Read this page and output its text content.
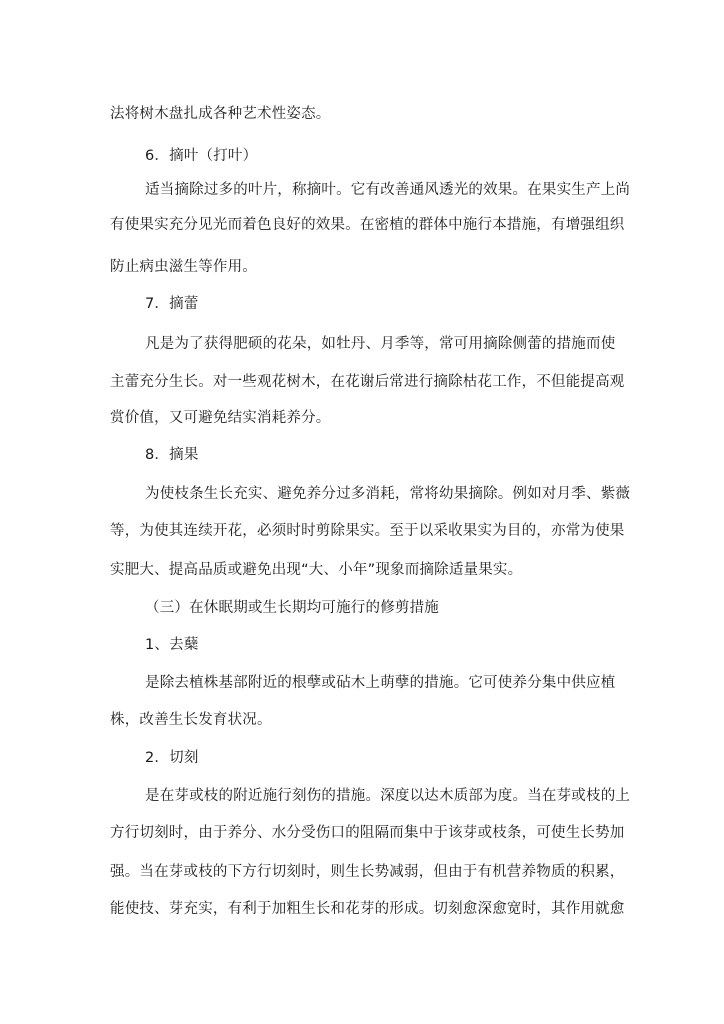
法将树木盘扎成各种艺术性姿态。
6．摘叶（打叶）
适当摘除过多的叶片，称摘叶。它有改善通风透光的效果。在果实生产上尚
有使果实充分见光而着色良好的效果。在密植的群体中施行本措施，有增强组织
防止病虫滋生等作用。
7．摘蕾
凡是为了获得肥硕的花朵，如牡丹、月季等，常可用摘除侧蕾的措施而使
主蕾充分生长。对一些观花树木，在花谢后常进行摘除枯花工作，不但能提高观
赏价值，又可避免结实消耗养分。
8．摘果
为使枝条生长充实、避免养分过多消耗，常将幼果摘除。例如对月季、紫薇
等，为使其连续开花，必须时时剪除果实。至于以采收果实为目的，亦常为使果
实肥大、提高品质或避免出现“大、小年”现象而摘除适量果实。
（三）在休眠期或生长期均可施行的修剪措施
1、去蘖
是除去植株基部附近的根孽或砧木上萌孽的措施。它可使养分集中供应植
株，改善生长发育状况。
2．切刻
是在芽或枝的附近施行刻伤的措施。深度以达木质部为度。当在芽或枝的上
方行切刻时，由于养分、水分受伤口的阻隔而集中于该芽或枝条，可使生长势加
强。当在芽或枝的下方行切刻时，则生长势减弱，但由于有机营养物质的积累，
能使技、芽充实，有利于加粗生长和花芽的形成。切刻愈深愈宽时，其作用就愈
